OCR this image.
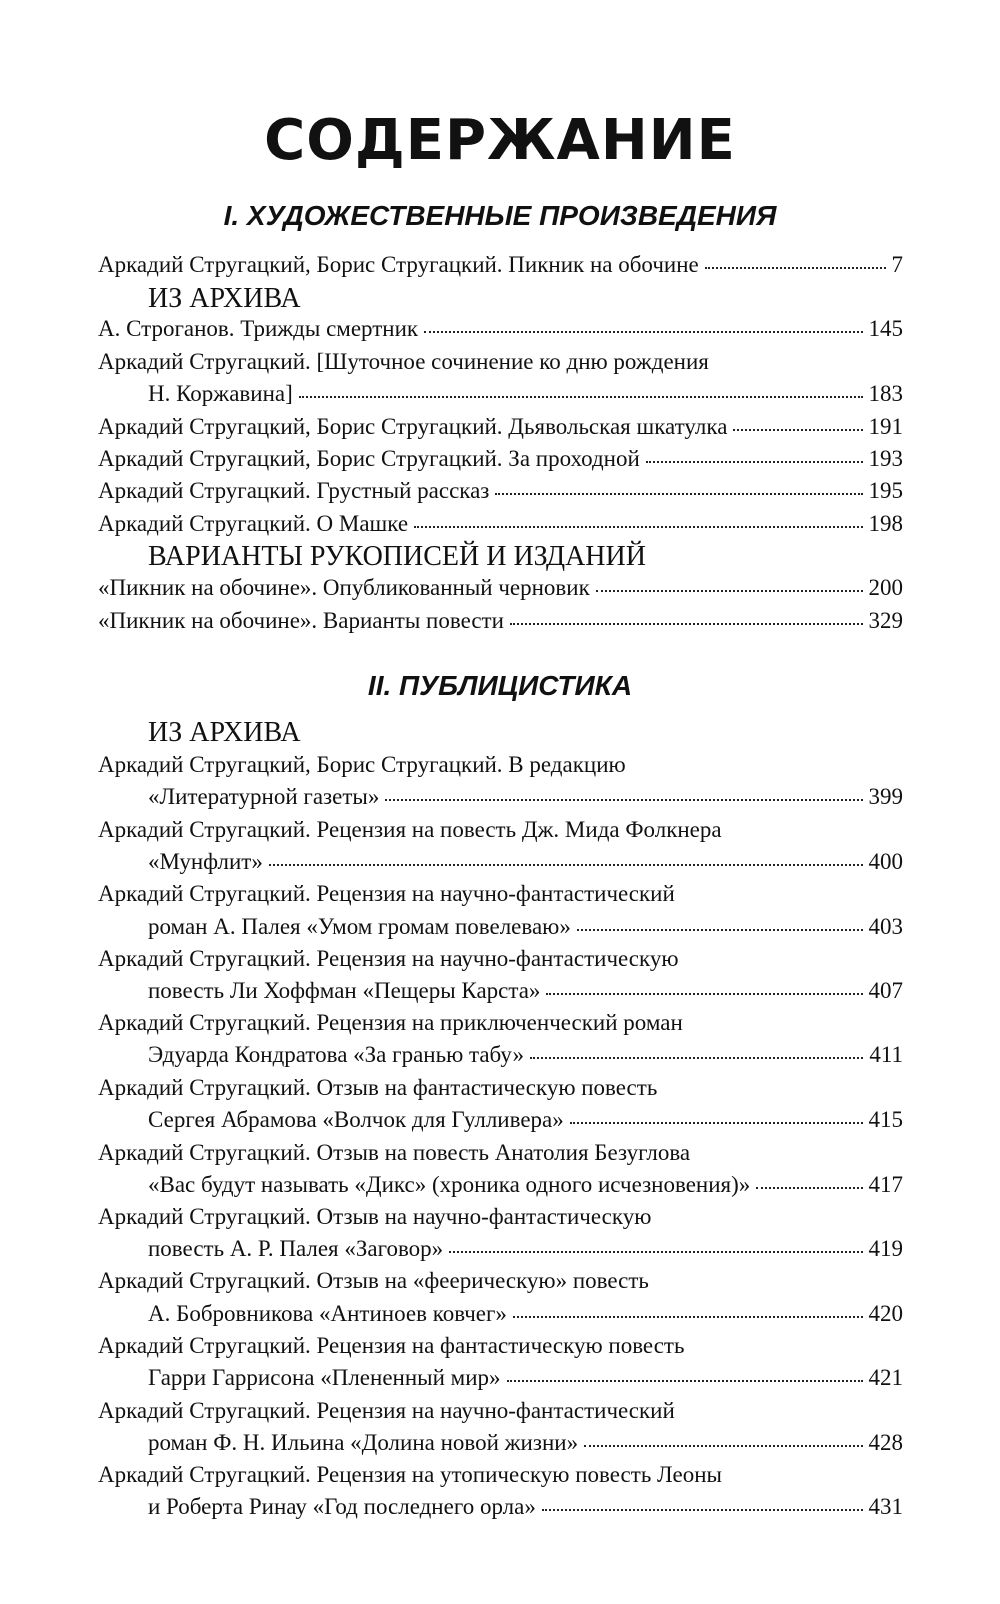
СОДЕРЖАНИЕ
I. ХУДОЖЕСТВЕННЫЕ ПРОИЗВЕДЕНИЯ
Аркадий Стругацкий, Борис Стругацкий. Пикник на обочине	7
ИЗ АРХИВА
А. Строганов. Трижды смертник	145
Аркадий Стругацкий. [Шуточное сочинение ко дню рождения
Н. Коржавина]	183
Аркадий Стругацкий, Борис Стругацкий. Дьявольская шкатулка	191
Аркадий Стругацкий, Борис Стругацкий. За проходной	193
Аркадий Стругацкий. Грустный рассказ	195
Аркадий Стругацкий. О Машке	198
ВАРИАНТЫ РУКОПИСЕЙ И ИЗДАНИЙ
«Пикник на обочине». Опубликованный черновик	200
«Пикник на обочине». Варианты повести	329
II. ПУБЛИЦИСТИКА
ИЗ АРХИВА
Аркадий Стругацкий, Борис Стругацкий. В редакцию
«Литературной газеты»	399
Аркадий Стругацкий. Рецензия на повесть Дж. Мида Фолкнера
«Мунфлит»	400
Аркадий Стругацкий. Рецензия на научно-фантастический
роман А. Палея «Умом громам повелеваю»	403
Аркадий Стругацкий. Рецензия на научно-фантастическую
повесть Ли Хоффман «Пещеры Карста»	407
Аркадий Стругацкий. Рецензия на приключенческий роман
Эдуарда Кондратова «За гранью табу»	411
Аркадий Стругацкий. Отзыв на фантастическую повесть
Сергея Абрамова «Волчок для Гулливера»	415
Аркадий Стругацкий. Отзыв на повесть Анатолия Безуглова
«Вас будут называть «Дикс» (хроника одного исчезновения)»	417
Аркадий Стругацкий. Отзыв на научно-фантастическую
повесть А. Р. Палея «Заговор»	419
Аркадий Стругацкий. Отзыв на «феерическую» повесть
А. Бобровникова «Антиноев ковчег»	420
Аркадий Стругацкий. Рецензия на фантастическую повесть
Гарри Гаррисона «Плененный мир»	421
Аркадий Стругацкий. Рецензия на научно-фантастический
роман Ф. Н. Ильина «Долина новой жизни»	428
Аркадий Стругацкий. Рецензия на утопическую повесть Леоны
и Роберта Ринау «Год последнего орла»	431
